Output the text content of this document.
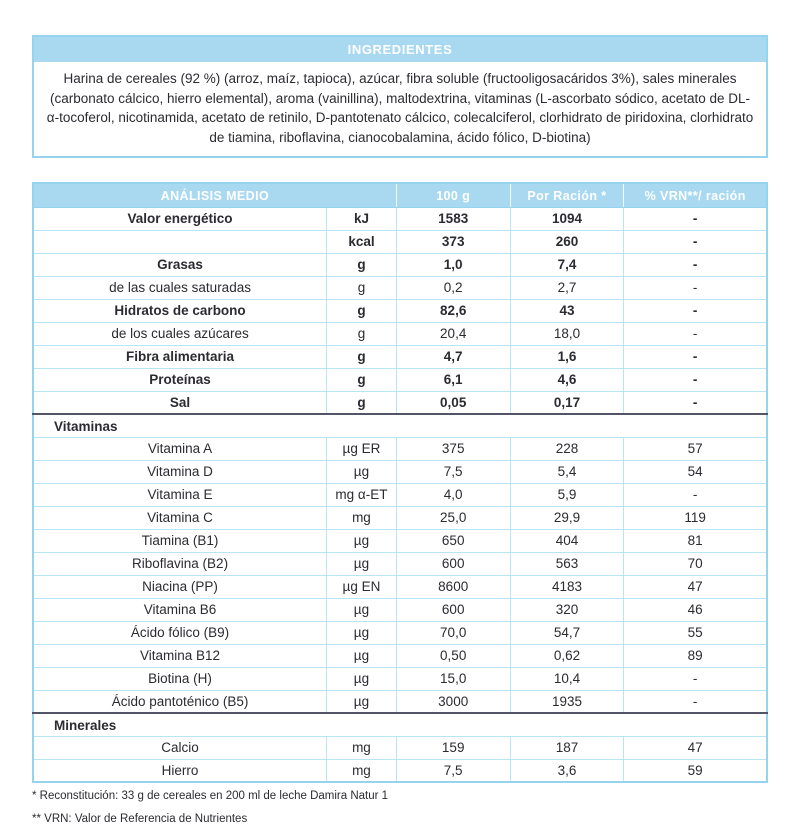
INGREDIENTES
Harina de cereales (92 %) (arroz, maíz, tapioca), azúcar, fibra soluble (fructooligosacáridos 3%), sales minerales (carbonato cálcico, hierro elemental), aroma (vainillina), maltodextrina, vitaminas (L-ascorbato sódico, acetato de DL-α-tocoferol, nicotinamida, acetato de retinilo, D-pantotenato cálcico, colecalciferol, clorhidrato de piridoxina, clorhidrato de tiamina, riboflavina, cianocobalamina, ácido fólico, D-biotina)
ANÁLISIS MEDIO		100 g	Por Ración *	% VRN**/ ración
Valor energético	kJ	1583	1094	-
	kcal	373	260	-
Grasas	g	1,0	7,4	-
de las cuales saturadas	g	0,2	2,7	-
Hidratos de carbono	g	82,6	43	-
de los cuales azúcares	g	20,4	18,0	-
Fibra alimentaria	g	4,7	1,6	-
Proteínas	g	6,1	4,6	-
Sal	g	0,05	0,17	-
Vitaminas				
Vitamina A	µg ER	375	228	57
Vitamina D	µg	7,5	5,4	54
Vitamina E	mg α-ET	4,0	5,9	-
Vitamina C	mg	25,0	29,9	119
Tiamina (B1)	µg	650	404	81
Riboflavina (B2)	µg	600	563	70
Niacina (PP)	µg EN	8600	4183	47
Vitamina B6	µg	600	320	46
Ácido fólico (B9)	µg	70,0	54,7	55
Vitamina B12	µg	0,50	0,62	89
Biotina (H)	µg	15,0	10,4	-
Ácido pantoténico (B5)	µg	3000	1935	-
Minerales				
Calcio	mg	159	187	47
Hierro	mg	7,5	3,6	59
* Reconstitución: 33 g de cereales en 200 ml de leche Damira Natur 1
** VRN: Valor de Referencia de Nutrientes
